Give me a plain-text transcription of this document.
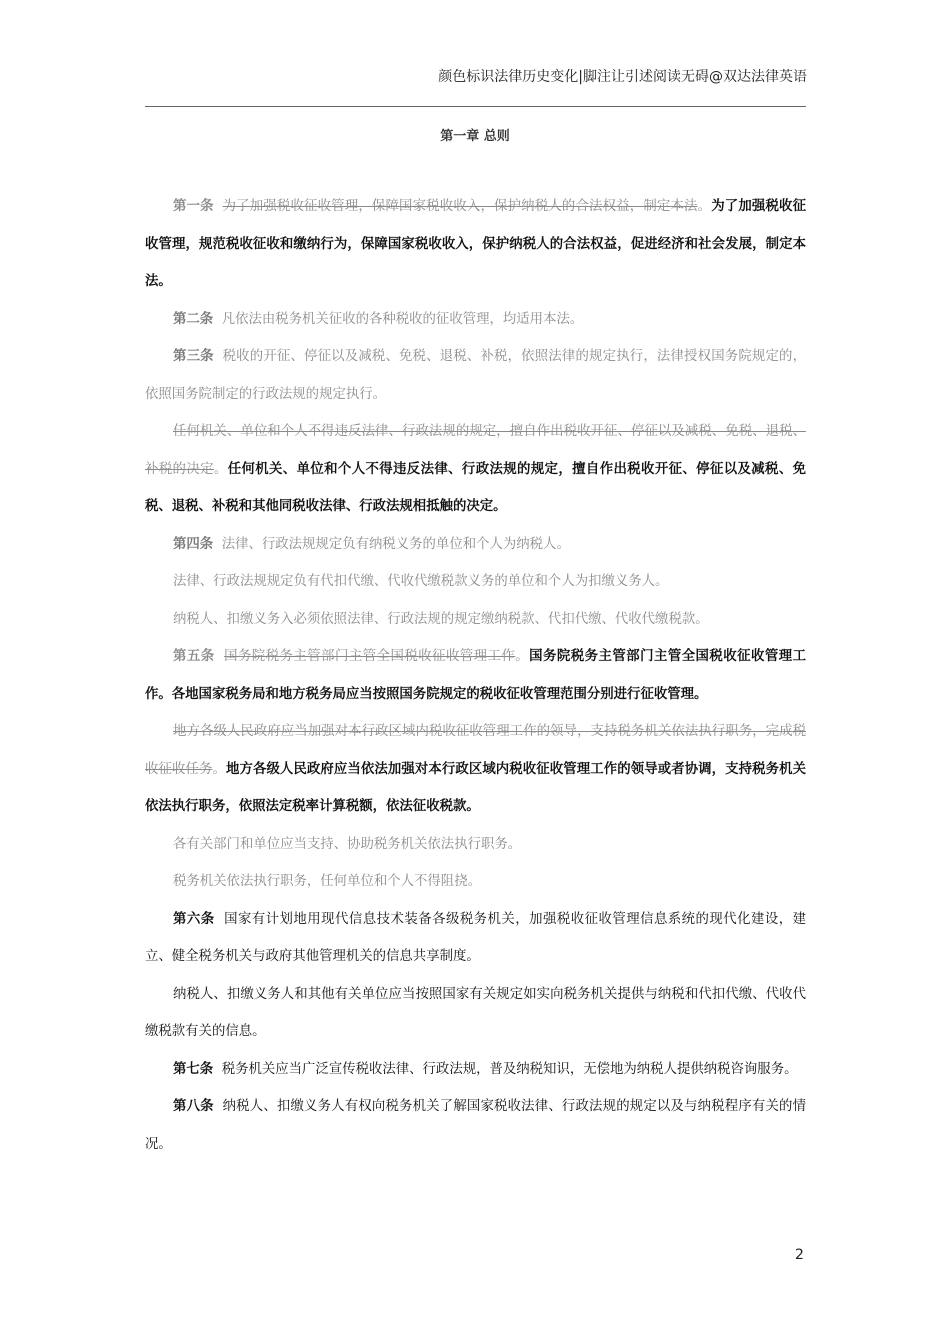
颜色标识法律历史变化|脚注让引述阅读无碍@双达法律英语
第一章 总则

第一条 为了加强税收征收管理，保障国家税收收入，保护纳税人的合法权益，制定本法。为了加强税收征收管理，规范税收征收和缴纳行为，保障国家税收收入，保护纳税人的合法权益，促进经济和社会发展，制定本法。

第二条 凡依法由税务机关征收的各种税收的征收管理，均适用本法。

第三条 税收的开征、停征以及减税、免税、退税、补税，依照法律的规定执行，法律授权国务院规定的，依照国务院制定的行政法规的规定执行。

任何机关、单位和个人不得违反法律、行政法规的规定，擅自作出税收开征、停征以及减税、免税、退税、补税的决定。任何机关、单位和个人不得违反法律、行政法规的规定，擅自作出税收开征、停征以及减税、免税、退税、补税和其他同税收法律、行政法规相抵触的决定。

第四条 法律、行政法规规定负有纳税义务的单位和个人为纳税人。

法律、行政法规规定负有代扣代缴、代收代缴税款义务的单位和个人为扣缴义务人。

纳税人、扣缴义务入必须依照法律、行政法规的规定缴纳税款、代扣代缴、代收代缴税款。

第五条 国务院税务主管部门主管全国税收征收管理工作。国务院税务主管部门主管全国税收征收管理工作。各地国家税务局和地方税务局应当按照国务院规定的税收征收管理范围分别进行征收管理。

地方各级人民政府应当加强对本行政区域内税收征收管理工作的领导，支持税务机关依法执行职务，完成税收征收任务。地方各级人民政府应当依法加强对本行政区域内税收征收管理工作的领导或者协调，支持税务机关依法执行职务，依照法定税率计算税额，依法征收税款。

各有关部门和单位应当支持、协助税务机关依法执行职务。

税务机关依法执行职务，任何单位和个人不得阻挠。

第六条 国家有计划地用现代信息技术装备各级税务机关，加强税收征收管理信息系统的现代化建设，建立、健全税务机关与政府其他管理机关的信息共享制度。

纳税人、扣缴义务人和其他有关单位应当按照国家有关规定如实向税务机关提供与纳税和代扣代缴、代收代缴税款有关的信息。

第七条 税务机关应当广泛宣传税收法律、行政法规，普及纳税知识，无偿地为纳税人提供纳税咨询服务。

第八条 纳税人、扣缴义务人有权向税务机关了解国家税收法律、行政法规的规定以及与纳税程序有关的情况。

2
